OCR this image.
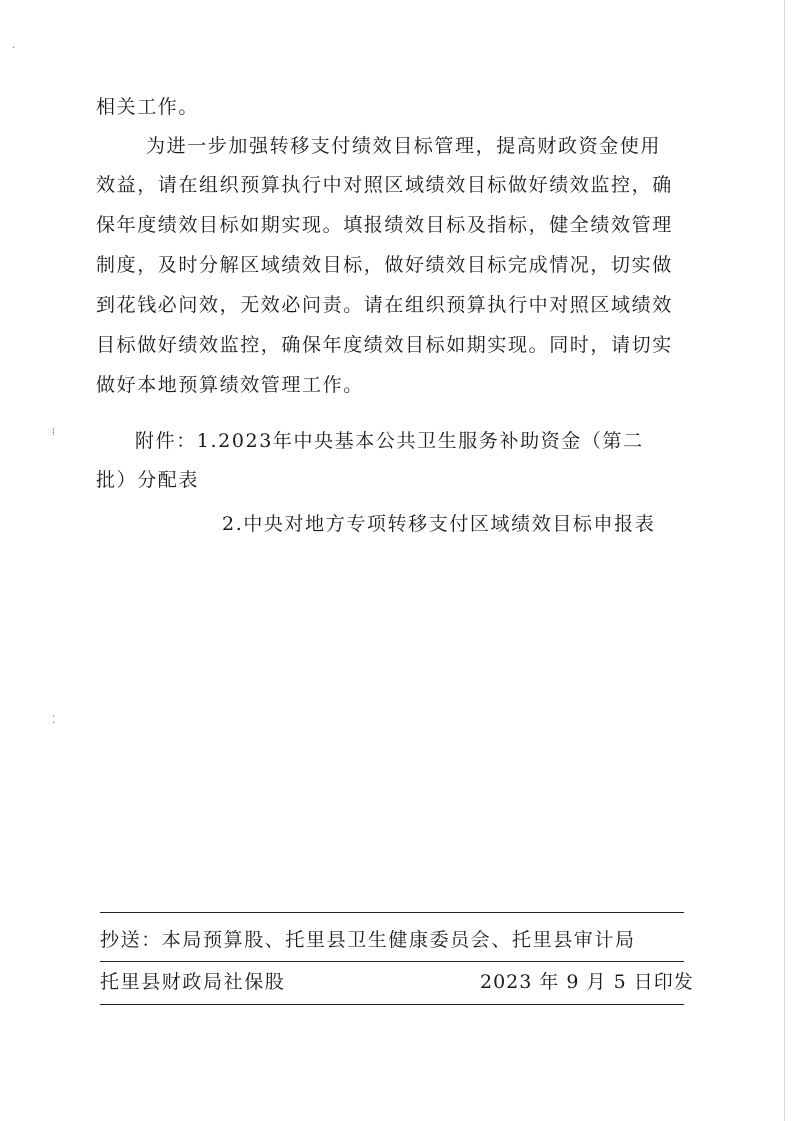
·
⁞
⁚
相关工作。
为进一步加强转移支付绩效目标管理，提高财政资金使用
效益，请在组织预算执行中对照区域绩效目标做好绩效监控，确
保年度绩效目标如期实现。填报绩效目标及指标，健全绩效管理
制度，及时分解区域绩效目标，做好绩效目标完成情况，切实做
到花钱必问效，无效必问责。请在组织预算执行中对照区域绩效
目标做好绩效监控，确保年度绩效目标如期实现。同时，请切实
做好本地预算绩效管理工作。
附件：1.2023年中央基本公共卫生服务补助资金（第二
批）分配表
2.中央对地方专项转移支付区域绩效目标申报表
抄送：本局预算股、托里县卫生健康委员会、托里县审计局
托里县财政局社保股	2023 年 9 月 5 日印发
